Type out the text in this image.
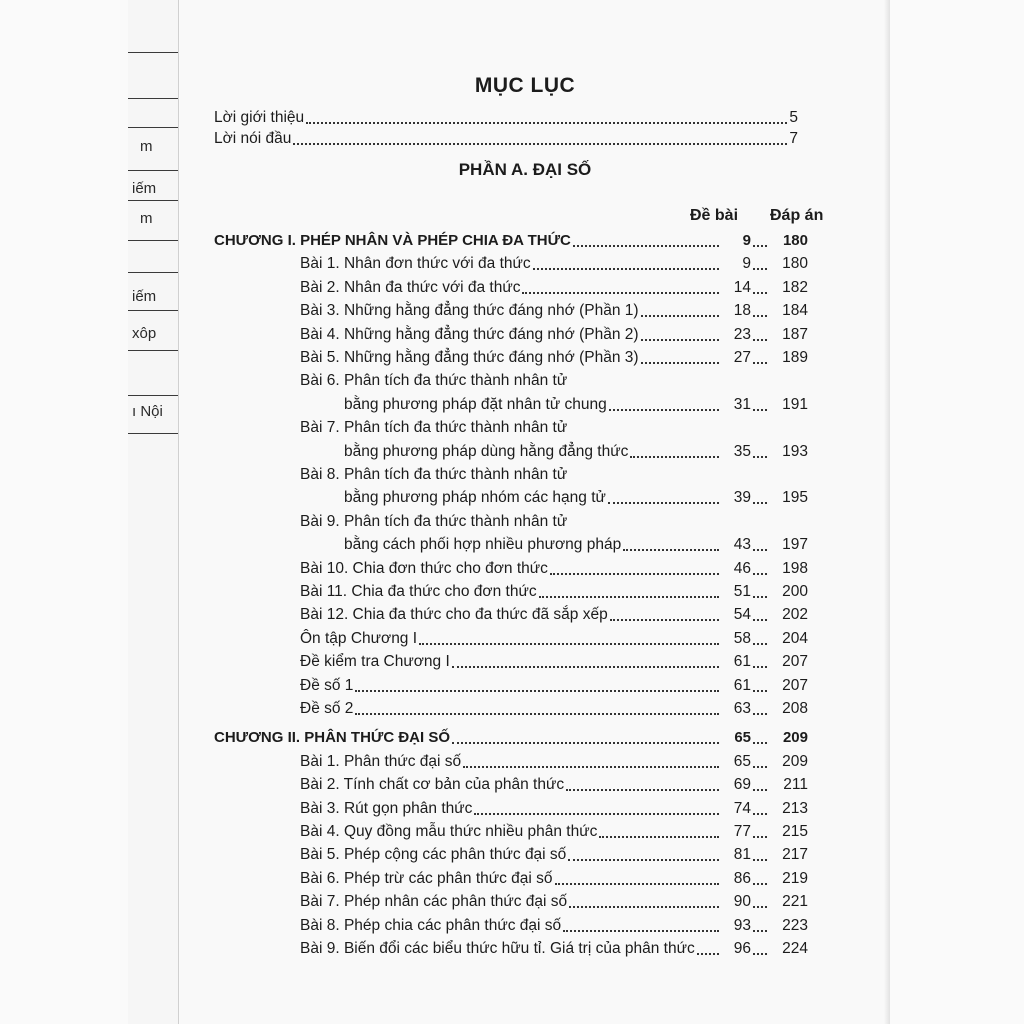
m
iếm
m
iếm
xôp
ı Nội
MỤC LỤC
Lời giới thiệu	5
Lời nói đầu	7
PHẦN A. ĐẠI SỐ
Đề bài Đáp án
CHƯƠNG I. PHÉP NHÂN VÀ PHÉP CHIA ĐA THỨC	9	180
Bài 1. Nhân đơn thức với đa thức	9	180
Bài 2. Nhân đa thức với đa thức	14	182
Bài 3. Những hằng đẳng thức đáng nhớ (Phần 1)	18	184
Bài 4. Những hằng đẳng thức đáng nhớ (Phần 2)	23	187
Bài 5. Những hằng đẳng thức đáng nhớ (Phần 3)	27	189
Bài 6. Phân tích đa thức thành nhân tử
bằng phương pháp đặt nhân tử chung	31	191
Bài 7. Phân tích đa thức thành nhân tử
bằng phương pháp dùng hằng đẳng thức	35	193
Bài 8. Phân tích đa thức thành nhân tử
bằng phương pháp nhóm các hạng tử	39	195
Bài 9. Phân tích đa thức thành nhân tử
bằng cách phối hợp nhiều phương pháp	43	197
Bài 10. Chia đơn thức cho đơn thức	46	198
Bài 11. Chia đa thức cho đơn thức	51	200
Bài 12. Chia đa thức cho đa thức đã sắp xếp	54	202
Ôn tập Chương I	58	204
Đề kiểm tra Chương I	61	207
Đề số 1	61	207
Đề số 2	63	208
CHƯƠNG II. PHÂN THỨC ĐẠI SỐ	65	209
Bài 1. Phân thức đại số	65	209
Bài 2. Tính chất cơ bản của phân thức	69	211
Bài 3. Rút gọn phân thức	74	213
Bài 4. Quy đồng mẫu thức nhiều phân thức	77	215
Bài 5. Phép cộng các phân thức đại số	81	217
Bài 6. Phép trừ các phân thức đại số	86	219
Bài 7. Phép nhân các phân thức đại số	90	221
Bài 8. Phép chia các phân thức đại số	93	223
Bài 9. Biến đổi các biểu thức hữu tỉ. Giá trị của phân thức	96	224
